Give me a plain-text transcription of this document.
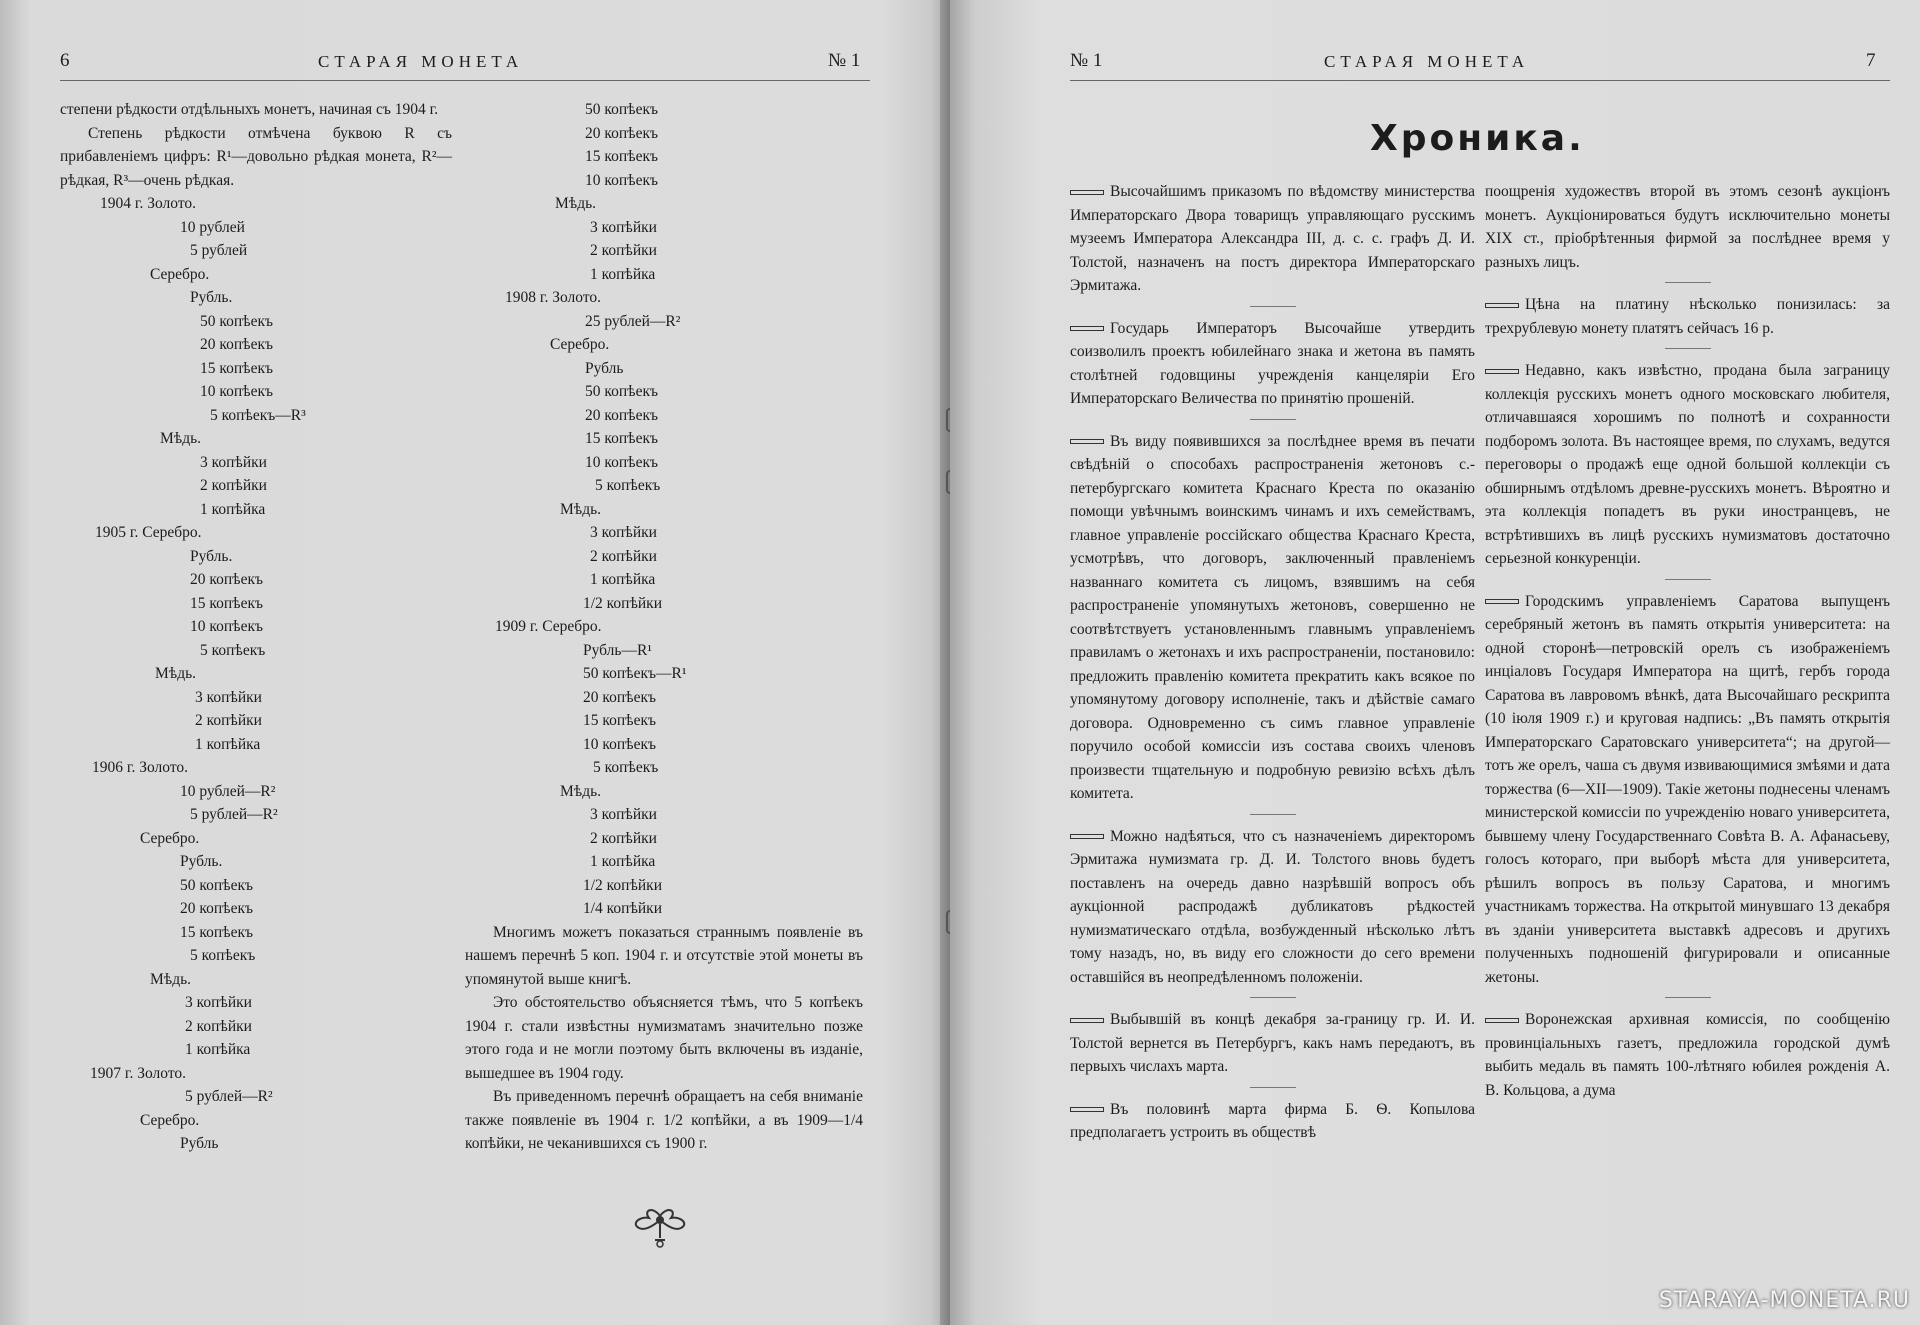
6	СТАРАЯ МОНЕТА	№ 1

степени рѣдкости отдѣльныхъ монетъ, начиная съ 1904 г.

Степень рѣдкости отмѣчена буквою R съ прибавленіемъ цифръ: R¹—довольно рѣдкая монета, R²—рѣдкая, R³—очень рѣдкая.

1904 г. Золото.
10 рублей
5 рублей
Серебро.
Рубль.
50 копѣекъ
20 копѣекъ
15 копѣекъ
10 копѣекъ
5 копѣекъ—R³
Мѣдь.
3 копѣйки
2 копѣйки
1 копѣйка
1905 г. Серебро.
Рубль.
20 копѣекъ
15 копѣекъ
10 копѣекъ
5 копѣекъ
Мѣдь.
3 копѣйки
2 копѣйки
1 копѣйка
1906 г. Золото.
10 рублей—R²
5 рублей—R²
Серебро.
Рубль.
50 копѣекъ
20 копѣекъ
15 копѣекъ
5 копѣекъ
Мѣдь.
3 копѣйки
2 копѣйки
1 копѣйка
1907 г. Золото.
5 рублей—R²
Серебро.
Рубль
50 копѣекъ
20 копѣекъ
15 копѣекъ
10 копѣекъ
Мѣдь.
3 копѣйки
2 копѣйки
1 копѣйка
1908 г. Золото.
25 рублей—R²
Серебро.
Рубль
50 копѣекъ
20 копѣекъ
15 копѣекъ
10 копѣекъ
5 копѣекъ
Мѣдь.
3 копѣйки
2 копѣйки
1 копѣйка
1/2 копѣйки
1909 г. Серебро.
Рубль—R¹
50 копѣекъ—R¹
20 копѣекъ
15 копѣекъ
10 копѣекъ
5 копѣекъ
Мѣдь.
3 копѣйки
2 копѣйки
1 копѣйка
1/2 копѣйки
1/4 копѣйки

Многимъ можетъ показаться страннымъ появленіе въ нашемъ перечнѣ 5 коп. 1904 г. и отсутствіе этой монеты въ упомянутой выше книгѣ.

Это обстоятельство объясняется тѣмъ, что 5 копѣекъ 1904 г. стали извѣстны нумизматамъ значительно позже этого года и не могли поэтому быть включены въ изданіе, вышедшее въ 1904 году.

Въ приведенномъ перечнѣ обращаетъ на себя вниманіе также появленіе въ 1904 г. 1/2 копѣйки, а въ 1909—1/4 копѣйки, не чеканившихся съ 1900 г.

№ 1	СТАРАЯ МОНЕТА	7
Хроника.
Высочайшимъ приказомъ по вѣдомству министерства Императорскаго Двора товарищъ управляющаго русскимъ музеемъ Императора Александра III, д. с. с. графъ Д. И. Толстой, назначенъ на постъ директора Императорскаго Эрмитажа.
Государь Императоръ Высочайше утвердить соизволилъ проектъ юбилейнаго знака и жетона въ память столѣтней годовщины учрежденія канцеляріи Его Императорскаго Величества по принятію прошеній.
Въ виду появившихся за послѣднее время въ печати свѣдѣній о способахъ распространенія жетоновъ с.-петербургскаго комитета Краснаго Креста по оказанію помощи увѣчнымъ воинскимъ чинамъ и ихъ семействамъ, главное управленіе россійскаго общества Краснаго Креста, усмотрѣвъ, что договоръ, заключенный правленіемъ названнаго комитета съ лицомъ, взявшимъ на себя распространеніе упомянутыхъ жетоновъ, совершенно не соотвѣтствуетъ установленнымъ главнымъ управленіемъ правиламъ о жетонахъ и ихъ распространеніи, постановило: предложить правленію комитета прекратить какъ всякое по упомянутому договору исполненіе, такъ и дѣйствіе самаго договора. Одновременно съ симъ главное управленіе поручило особой комиссіи изъ состава своихъ членовъ произвести тщательную и подробную ревизію всѣхъ дѣлъ комитета.
Можно надѣяться, что съ назначеніемъ директоромъ Эрмитажа нумизмата гр. Д. И. Толстого вновь будетъ поставленъ на очередь давно назрѣвшій вопросъ объ аукціонной распродажѣ дубликатовъ рѣдкостей нумизматическаго отдѣла, возбужденный нѣсколько лѣтъ тому назадъ, но, въ виду его сложности до сего времени оставшійся въ неопредѣленномъ положеніи.
Выбывшій въ концѣ декабря за-границу гр. И. И. Толстой вернется въ Петербургъ, какъ намъ передаютъ, въ первыхъ числахъ марта.
Въ половинѣ марта фирма Б. Ѳ. Копылова предполагаетъ устроить въ обществѣ
поощренія художествъ второй въ этомъ сезонѣ аукціонъ монетъ. Аукціонироваться будутъ исключительно монеты XIX ст., пріобрѣтенныя фирмой за послѣднее время у разныхъ лицъ.
Цѣна на платину нѣсколько понизилась: за трехрублевую монету платятъ сейчасъ 16 р.
Недавно, какъ извѣстно, продана была заграницу коллекція русскихъ монетъ одного московскаго любителя, отличавшаяся хорошимъ по полнотѣ и сохранности подборомъ золота. Въ настоящее время, по слухамъ, ведутся переговоры о продажѣ еще одной большой коллекціи съ обширнымъ отдѣломъ древне-русскихъ монетъ. Вѣроятно и эта коллекція попадетъ въ руки иностранцевъ, не встрѣтившихъ въ лицѣ русскихъ нумизматовъ достаточно серьезной конкуренціи.
Городскимъ управленіемъ Саратова выпущенъ серебряный жетонъ въ память открытія университета: на одной сторонѣ—петровскій орелъ съ изображеніемъ инціаловъ Государя Императора на щитѣ, гербъ города Саратова въ лавровомъ вѣнкѣ, дата Высочайшаго рескрипта (10 іюля 1909 г.) и круговая надпись: „Въ память открытія Императорскаго Саратовскаго университета“; на другой—тотъ же орелъ, чаша съ двумя извивающимися змѣями и дата торжества (6—XII—1909). Такіе жетоны поднесены членамъ министерской комиссіи по учрежденію новаго университета, бывшему члену Государственнаго Совѣта В. А. Афанасьеву, голосъ котораго, при выборѣ мѣста для университета, рѣшилъ вопросъ въ пользу Саратова, и многимъ участникамъ торжества. На открытой минувшаго 13 декабря въ зданіи университета выставкѣ адресовъ и другихъ полученныхъ подношеній фигурировали и описанные жетоны.
Воронежская архивная комиссія, по сообщенію провинціальныхъ газетъ, предложила городской думѣ выбить медаль въ память 100-лѣтняго юбилея рожденія А. В. Кольцова, а дума
STARAYA-MONETA.RU
